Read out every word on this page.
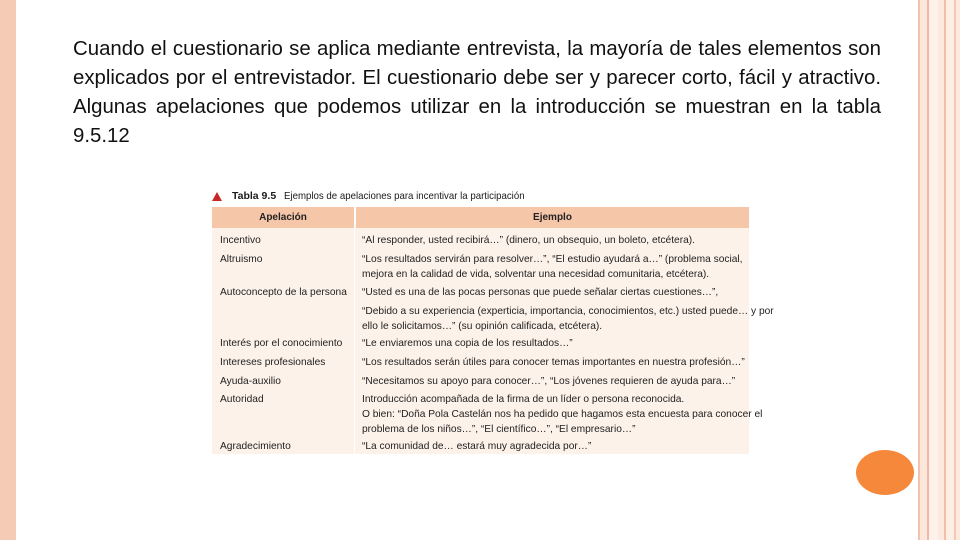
Cuando el cuestionario se aplica mediante entrevista, la mayoría de tales elementos son explicados por el entrevistador. El cuestionario debe ser y parecer corto, fácil y atractivo. Algunas apelaciones que podemos utilizar en la introducción se muestran en la tabla 9.5.12

Tabla 9.5 Ejemplos de apelaciones para incentivar la participación
Apelación	Ejemplo
Incentivo	“Al responder, usted recibirá…” (dinero, un obsequio, un boleto, etcétera).
Altruismo	“Los resultados servirán para resolver…”, “El estudio ayudará a…” (problema social,
mejora en la calidad de vida, solventar una necesidad comunitaria, etcétera).
Autoconcepto de la persona	“Usted es una de las pocas personas que puede señalar ciertas cuestiones…”,
“Debido a su experiencia (experticia, importancia, conocimientos, etc.) usted puede… y por
ello le solicitamos…” (su opinión calificada, etcétera).
Interés por el conocimiento	“Le enviaremos una copia de los resultados…”
Intereses profesionales	“Los resultados serán útiles para conocer temas importantes en nuestra profesión…”
Ayuda-auxilio	“Necesitamos su apoyo para conocer…”, “Los jóvenes requieren de ayuda para…”
Autoridad	Introducción acompañada de la firma de un líder o persona reconocida.
O bien: “Doña Pola Castelán nos ha pedido que hagamos esta encuesta para conocer el
problema de los niños…”, “El científico…”, “El empresario…”
Agradecimiento	“La comunidad de… estará muy agradecida por…”
